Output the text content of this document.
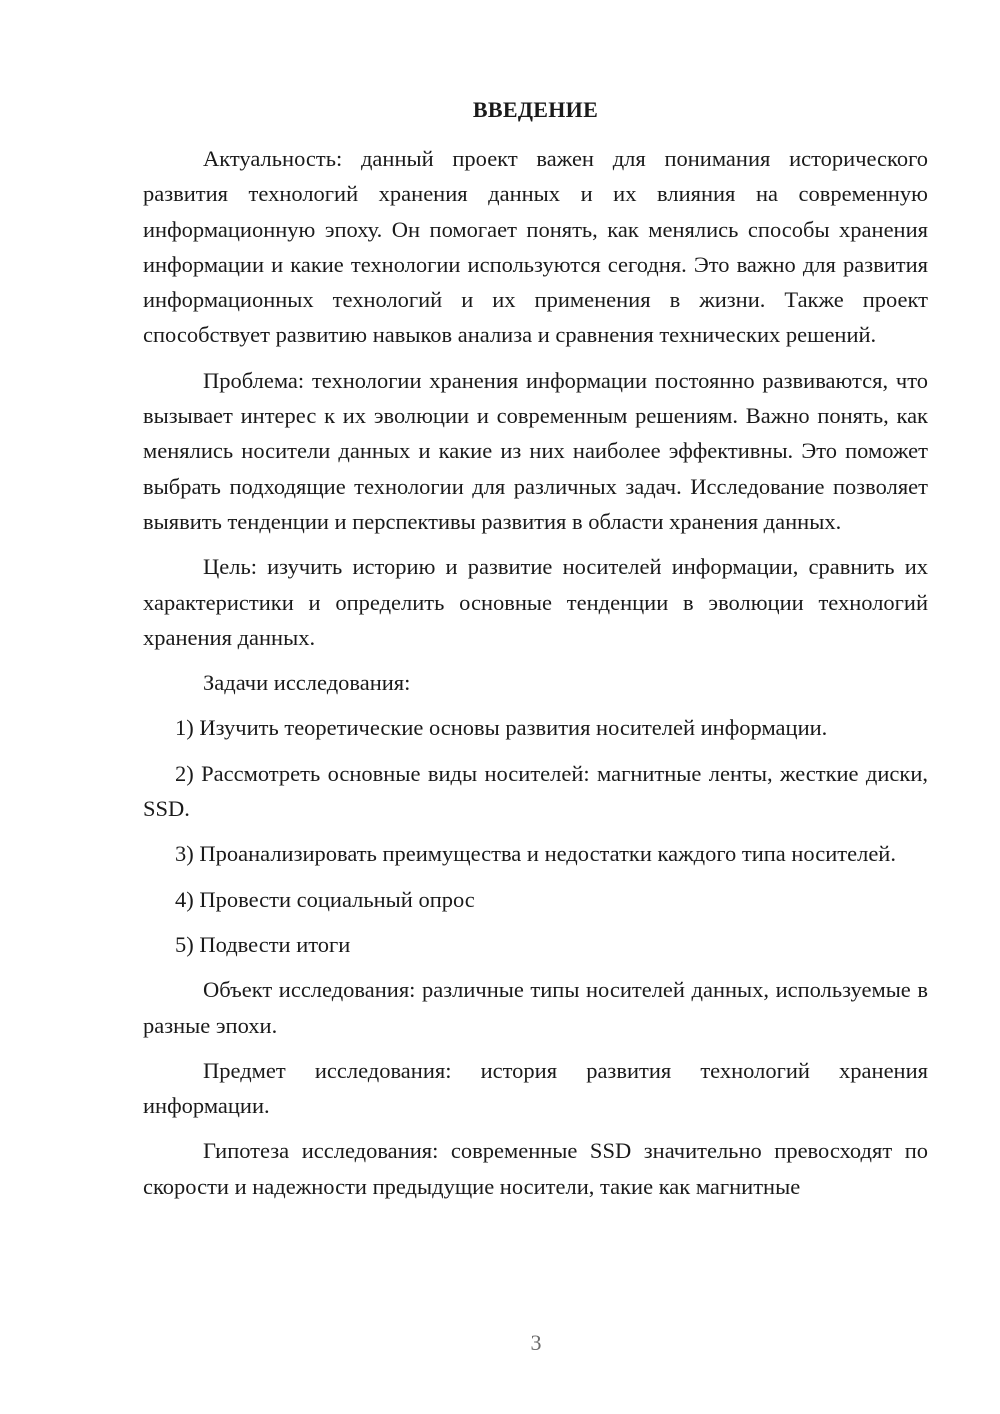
ВВЕДЕНИЕ

Актуальность: данный проект важен для понимания исторического развития технологий хранения данных и их влияния на современную информационную эпоху. Он помогает понять, как менялись способы хранения информации и какие технологии используются сегодня. Это важно для развития информационных технологий и их применения в жизни. Также проект способствует развитию навыков анализа и сравнения технических решений.

Проблема: технологии хранения информации постоянно развиваются, что вызывает интерес к их эволюции и современным решениям. Важно понять, как менялись носители данных и какие из них наиболее эффективны. Это поможет выбрать подходящие технологии для различных задач. Исследование позволяет выявить тенденции и перспективы развития в области хранения данных.

Цель: изучить историю и развитие носителей информации, сравнить их характеристики и определить основные тенденции в эволюции технологий хранения данных.

Задачи исследования:

1) Изучить теоретические основы развития носителей информации.

2) Рассмотреть основные виды носителей: магнитные ленты, жесткие диски, SSD.

3) Проанализировать преимущества и недостатки каждого типа носителей.

4) Провести социальный опрос

5) Подвести итоги

Объект исследования: различные типы носителей данных, используемые в разные эпохи.

Предмет исследования: история развития технологий хранения информации.

Гипотеза исследования: современные SSD значительно превосходят по скорости и надежности предыдущие носители, такие как магнитные

3
